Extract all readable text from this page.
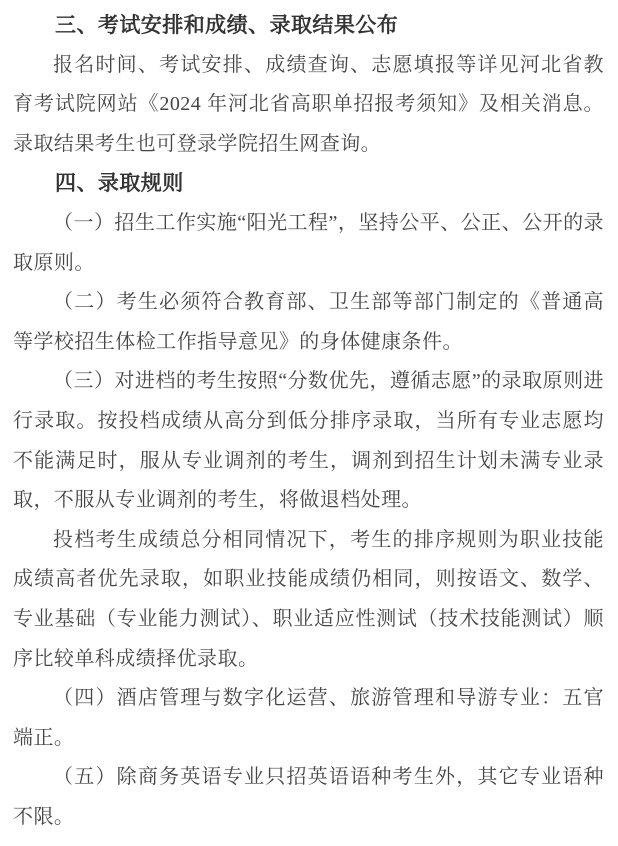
三、考试安排和成绩、录取结果公布

报名时间、考试安排、成绩查询、志愿填报等详见河北省教育考试院网站《2024 年河北省高职单招报考须知》及相关消息。录取结果考生也可登录学院招生网查询。

四、录取规则

（一）招生工作实施“阳光工程”，坚持公平、公正、公开的录取原则。

（二）考生必须符合教育部、卫生部等部门制定的《普通高等学校招生体检工作指导意见》的身体健康条件。

（三）对进档的考生按照“分数优先，遵循志愿”的录取原则进行录取。按投档成绩从高分到低分排序录取，当所有专业志愿均不能满足时，服从专业调剂的考生，调剂到招生计划未满专业录取，不服从专业调剂的考生，将做退档处理。

投档考生成绩总分相同情况下，考生的排序规则为职业技能成绩高者优先录取，如职业技能成绩仍相同，则按语文、数学、专业基础（专业能力测试）、职业适应性测试（技术技能测试）顺序比较单科成绩择优录取。

（四）酒店管理与数字化运营、旅游管理和导游专业：五官端正。

（五）除商务英语专业只招英语语种考生外，其它专业语种不限。
